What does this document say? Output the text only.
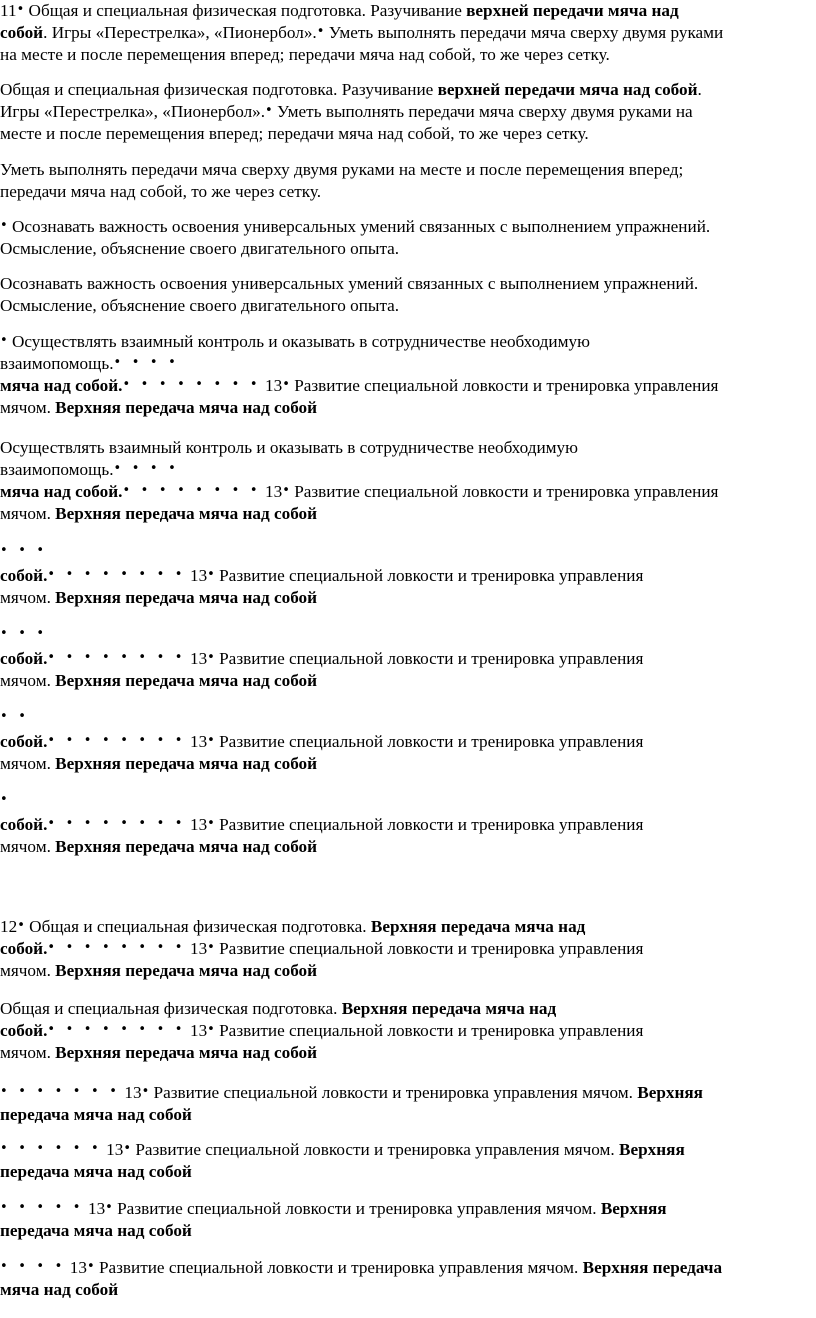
11• Общая и специальная физическая подготовка. Разучивание верхней передачи мяча над
собой. Игры «Перестрелка», «Пионербол».• Уметь выполнять передачи мяча сверху двумя руками
на месте и после перемещения вперед; передачи мяча над собой, то же через сетку.
Общая и специальная физическая подготовка. Разучивание верхней передачи мяча над собой.
Игры «Перестрелка», «Пионербол».• Уметь выполнять передачи мяча сверху двумя руками на
месте и после перемещения вперед; передачи мяча над собой, то же через сетку.
Уметь выполнять передачи мяча сверху двумя руками на месте и после перемещения вперед;
передачи мяча над собой, то же через сетку.
• Осознавать важность освоения универсальных умений связанных с выполнением упражнений.
Осмысление, объяснение своего двигательного опыта.
Осознавать важность освоения универсальных умений связанных с выполнением упражнений.
Осмысление, объяснение своего двигательного опыта.
• Осуществлять взаимный контроль и оказывать в сотрудничестве необходимую
взаимопомощь.• • • •
мяча над собой.• • • • • • • • 13• Развитие специальной ловкости и тренировка управления
мячом. Верхняя передача мяча над собой
Осуществлять взаимный контроль и оказывать в сотрудничестве необходимую
взаимопомощь.• • • •
мяча над собой.• • • • • • • • 13• Развитие специальной ловкости и тренировка управления
мячом. Верхняя передача мяча над собой
• • •
собой.• • • • • • • • 13• Развитие специальной ловкости и тренировка управления
мячом. Верхняя передача мяча над собой
• • •
собой.• • • • • • • • 13• Развитие специальной ловкости и тренировка управления
мячом. Верхняя передача мяча над собой
• •
собой.• • • • • • • • 13• Развитие специальной ловкости и тренировка управления
мячом. Верхняя передача мяча над собой
•
собой.• • • • • • • • 13• Развитие специальной ловкости и тренировка управления
мячом. Верхняя передача мяча над собой
12• Общая и специальная физическая подготовка. Верхняя передача мяча над
собой.• • • • • • • • 13• Развитие специальной ловкости и тренировка управления
мячом. Верхняя передача мяча над собой
Общая и специальная физическая подготовка. Верхняя передача мяча над
собой.• • • • • • • • 13• Развитие специальной ловкости и тренировка управления
мячом. Верхняя передача мяча над собой
• • • • • • • 13• Развитие специальной ловкости и тренировка управления мячом. Верхняя
передача мяча над собой
• • • • • • 13• Развитие специальной ловкости и тренировка управления мячом. Верхняя
передача мяча над собой
• • • • • 13• Развитие специальной ловкости и тренировка управления мячом. Верхняя
передача мяча над собой
• • • • 13• Развитие специальной ловкости и тренировка управления мячом. Верхняя передача
мяча над собой
